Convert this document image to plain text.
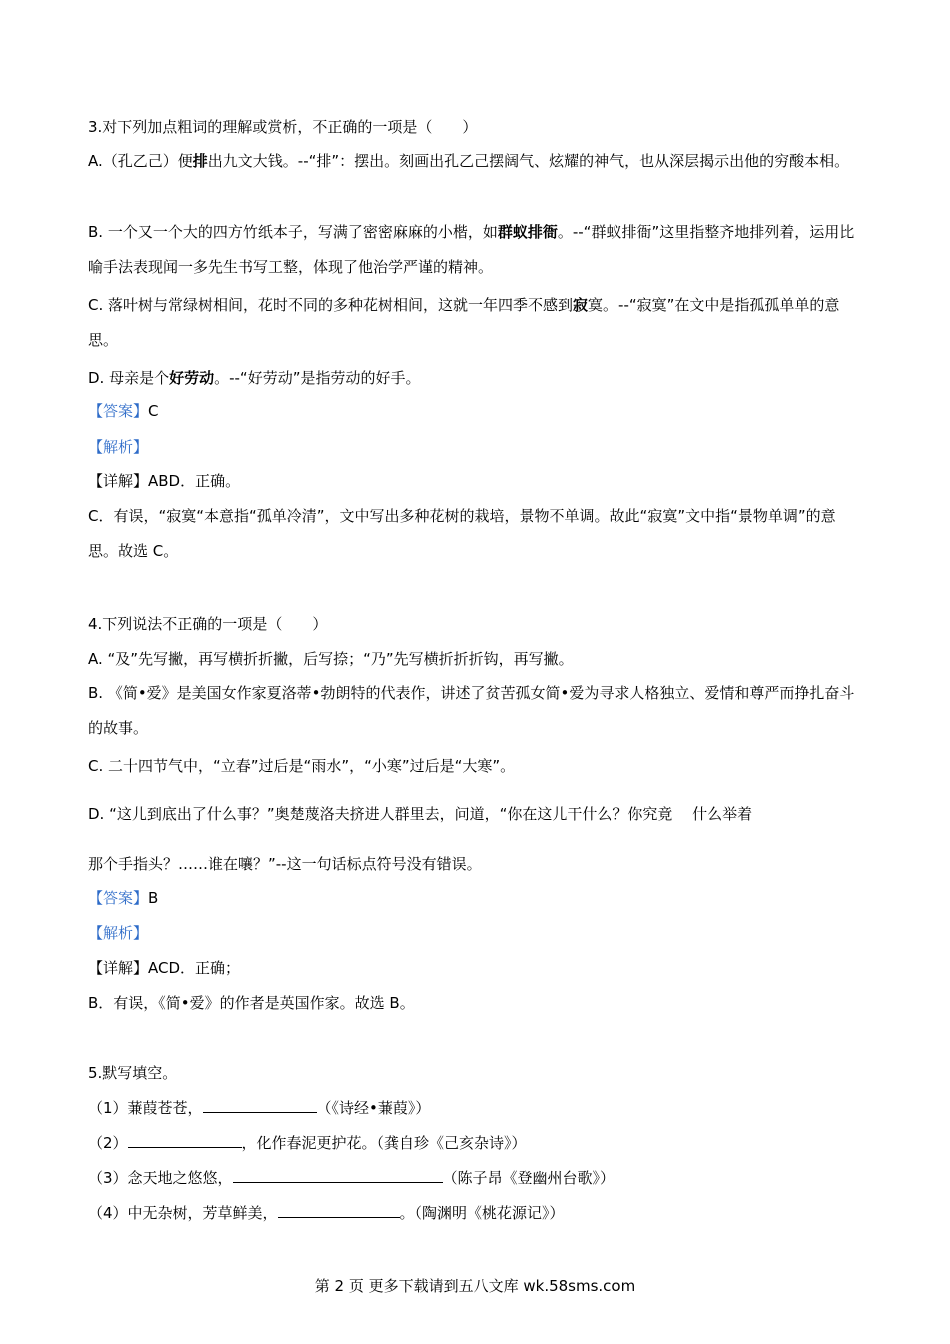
3.对下列加点粗词的理解或赏析，不正确的一项是（　　）
A.（孔乙己）便排出九文大钱。--“排”：摆出。刻画出孔乙己摆阔气、炫耀的神气，也从深层揭示出他的穷酸本相。
B. 一个又一个大的四方竹纸本子，写满了密密麻麻的小楷，如群蚁排衙。--“群蚁排衙”这里指整齐地排列着，运用比喻手法表现闻一多先生书写工整，体现了他治学严谨的精神。
C. 落叶树与常绿树相间，花时不同的多种花树相间，这就一年四季不感到寂寞。--“寂寞”在文中是指孤孤单单的意思。
D. 母亲是个好劳动。--“好劳动”是指劳动的好手。
【答案】C
【解析】
【详解】ABD．正确。
C．有误，“寂寞“本意指“孤单冷清”，文中写出多种花树的栽培，景物不单调。故此“寂寞”文中指“景物单调”的意思。故选 C。
4.下列说法不正确的一项是（　　）
A. “及”先写撇，再写横折折撇，后写捺；“乃”先写横折折折钩，再写撇。
B. 《简•爱》是美国女作家夏洛蒂•勃朗特的代表作，讲述了贫苦孤女简•爱为寻求人格独立、爱情和尊严而挣扎奋斗的故事。
C. 二十四节气中，“立春”过后是“雨水”，“小寒”过后是“大寒”。
D. “这儿到底出了什么事？”奥楚蔑洛夫挤进人群里去，问道，“你在这儿干什么？你究竟　 什么举着
那个手指头？……谁在嚷？”--这一句话标点符号没有错误。
【答案】B
【解析】
【详解】ACD．正确；
B．有误，《简•爱》的作者是英国作家。故选 B。
5.默写填空。
（1）蒹葭苍苍，	（《诗经•蒹葭》）
（2）	，化作春泥更护花。（龚自珍《己亥杂诗》）
（3）念天地之悠悠，	（陈子昂《登幽州台歌》）
（4）中无杂树，芳草鲜美，	。（陶渊明《桃花源记》）
第 2 页 更多下载请到五八文库 wk.58sms.com
